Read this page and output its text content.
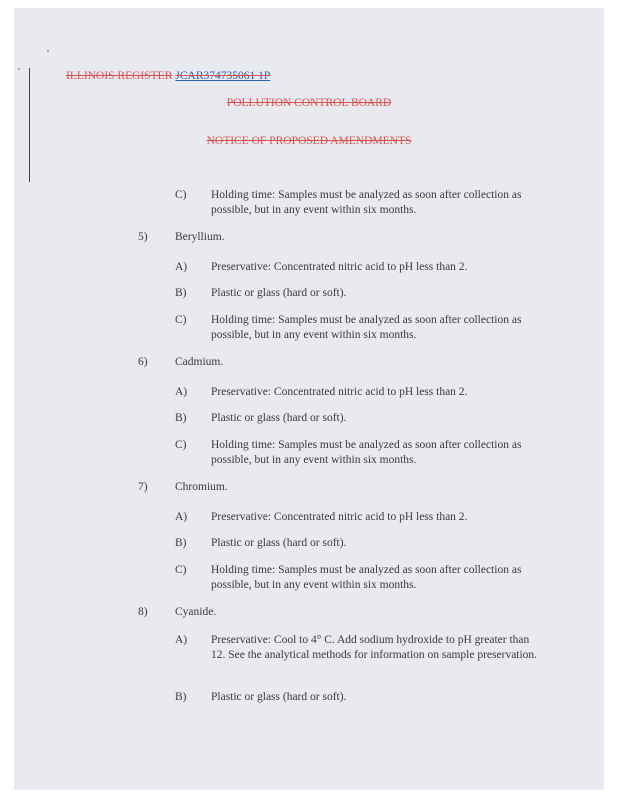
ILLINOIS REGISTER JCAR374735061 1P
POLLUTION CONTROL BOARD
NOTICE OF PROPOSED AMENDMENTS
C)	Holding time: Samples must be analyzed as soon after collection as possible, but in any event within six months.
5)	Beryllium.
A)	Preservative: Concentrated nitric acid to pH less than 2.
B)	Plastic or glass (hard or soft).
C)	Holding time: Samples must be analyzed as soon after collection as possible, but in any event within six months.
6)	Cadmium.
A)	Preservative: Concentrated nitric acid to pH less than 2.
B)	Plastic or glass (hard or soft).
C)	Holding time: Samples must be analyzed as soon after collection as possible, but in any event within six months.
7)	Chromium.
A)	Preservative: Concentrated nitric acid to pH less than 2.
B)	Plastic or glass (hard or soft).
C)	Holding time: Samples must be analyzed as soon after collection as possible, but in any event within six months.
8)	Cyanide.
A)	Preservative: Cool to 4° C. Add sodium hydroxide to pH greater than 12. See the analytical methods for information on sample preservation.
B)	Plastic or glass (hard or soft).
